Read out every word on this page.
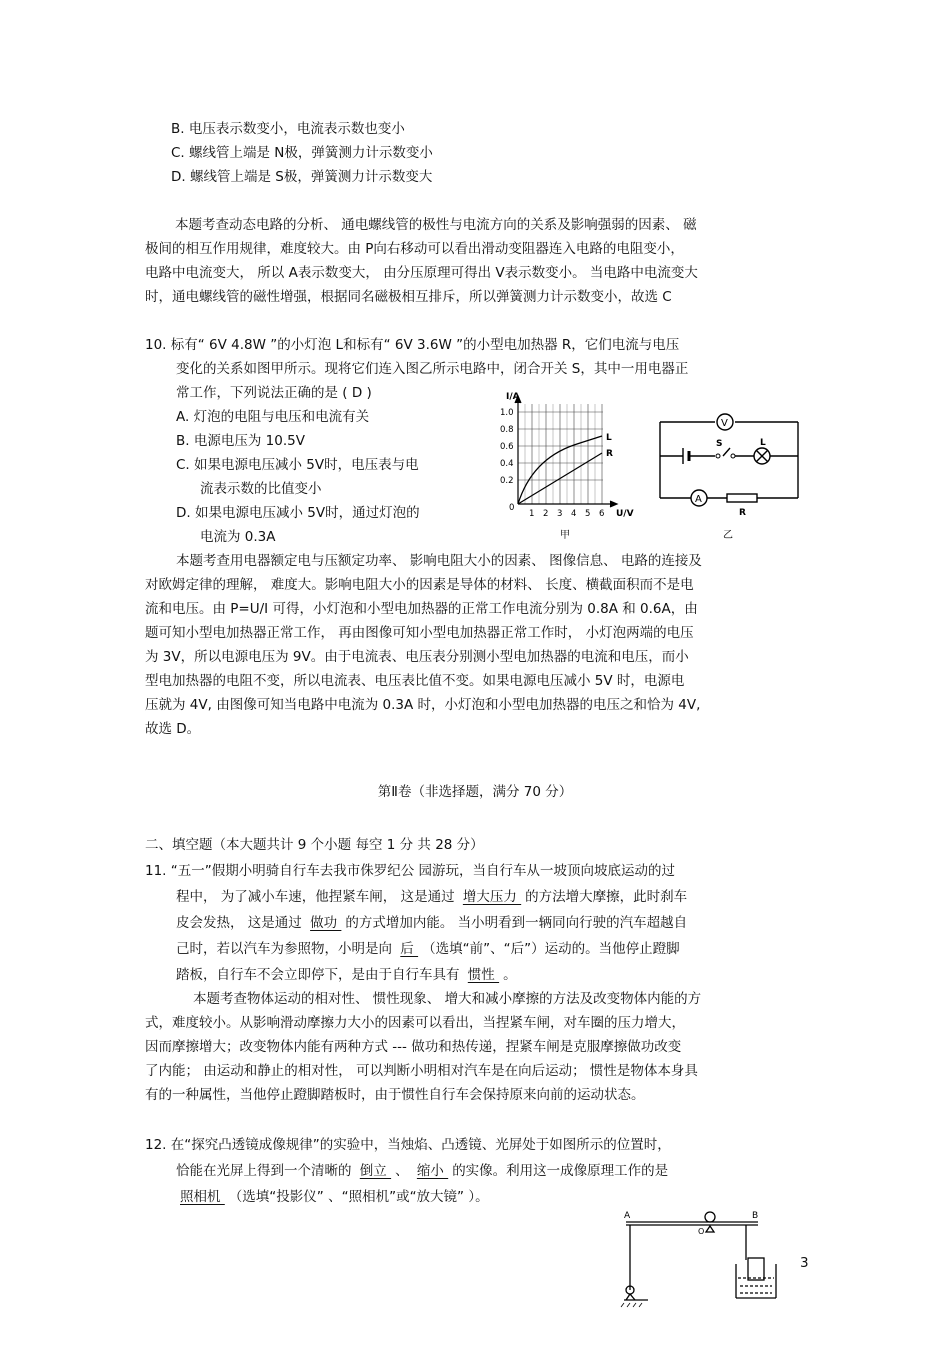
B. 电压表示数变小，电流表示数也变小
C. 螺线管上端是 N极，弹簧测力计示数变小
D. 螺线管上端是 S极，弹簧测力计示数变大
本题考查动态电路的分析、 通电螺线管的极性与电流方向的关系及影响强弱的因素、 磁
极间的相互作用规律，难度较大。由 P向右移动可以看出滑动变阻器连入电路的电阻变小，
电路中电流变大， 所以 A表示数变大， 由分压原理可得出 V表示数变小。 当电路中电流变大
时，通电螺线管的磁性增强，根据同名磁极相互排斥，所以弹簧测力计示数变小，故选 C
10. 标有“ 6V 4.8W ”的小灯泡 L和标有“ 6V 3.6W ”的小型电加热器 R，它们电流与电压
变化的关系如图甲所示。现将它们连入图乙所示电路中，闭合开关 S，其中一用电器正
常工作，下列说法正确的是 ( D )
A. 灯泡的电阻与电压和电流有关
B. 电源电压为 10.5V
C. 如果电源电压减小 5V时，电压表与电
流表示数的比值变小
D. 如果电源电压减小 5V时，通过灯泡的
电流为 0.3A
I/A
1.0
0.8
0.6
0.4
0.2
0
1 2 3 4 5 6 U/V
L
R
甲
V
S	L
A
R
乙
本题考查用电器额定电与压额定功率、 影响电阻大小的因素、 图像信息、 电路的连接及
对欧姆定律的理解， 难度大。影响电阻大小的因素是导体的材料、 长度、横截面积而不是电
流和电压。由 P=U/I 可得，小灯泡和小型电加热器的正常工作电流分别为 0.8A 和 0.6A，由
题可知小型电加热器正常工作， 再由图像可知小型电加热器正常工作时， 小灯泡两端的电压
为 3V，所以电源电压为 9V。由于电流表、电压表分别测小型电加热器的电流和电压，而小
型电加热器的电阻不变，所以电流表、电压表比值不变。如果电源电压减小 5V 时，电源电
压就为 4V, 由图像可知当电路中电流为 0.3A 时，小灯泡和小型电加热器的电压之和恰为 4V,
故选 D。
第Ⅱ卷（非选择题，满分 70 分）
二、填空题（本大题共计 9 个小题 每空 1 分 共 28 分）
11. “五一”假期小明骑自行车去我市侏罗纪公 园游玩，当自行车从一坡顶向坡底运动的过
程中， 为了减小车速，他捏紧车闸， 这是通过 增大压力 的方法增大摩擦，此时刹车
皮会发热， 这是通过 做功 的方式增加内能。 当小明看到一辆同向行驶的汽车超越自
己时，若以汽车为参照物，小明是向 后 （选填“前”、“后”）运动的。当他停止蹬脚
踏板，自行车不会立即停下，是由于自行车具有 惯性 。
本题考查物体运动的相对性、 惯性现象、 增大和减小摩擦的方法及改变物体内能的方
式，难度较小。从影响滑动摩擦力大小的因素可以看出，当捏紧车闸，对车圈的压力增大，
因而摩擦增大；改变物体内能有两种方式 --- 做功和热传递，捏紧车闸是克服摩擦做功改变
了内能； 由运动和静止的相对性， 可以判断小明相对汽车是在向后运动； 惯性是物体本身具
有的一种属性，当他停止蹬脚踏板时，由于惯性自行车会保持原来向前的运动状态。
12. 在“探究凸透镜成像规律”的实验中，当烛焰、凸透镜、光屏处于如图所示的位置时，
恰能在光屏上得到一个清晰的 倒立 、 缩小 的实像。利用这一成像原理工作的是
照相机 （选填“投影仪” 、“照相机”或“放大镜” ）。
A	B
O
3
